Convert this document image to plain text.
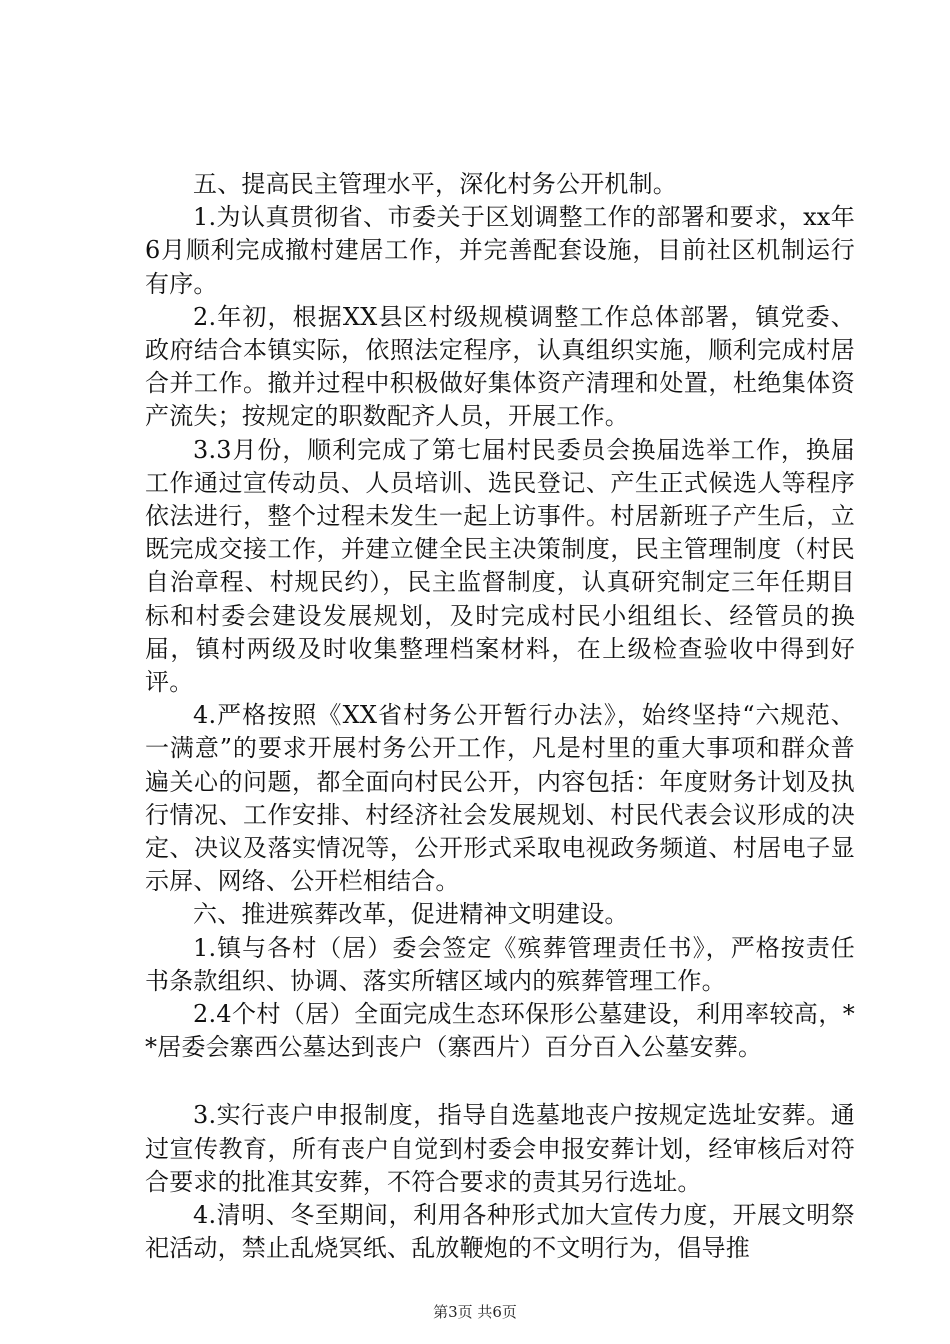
五、提高民主管理水平，深化村务公开机制。

1.为认真贯彻省、市委关于区划调整工作的部署和要求，xx年6月顺利完成撤村建居工作，并完善配套设施，目前社区机制运行有序。

2.年初，根据XX县区村级规模调整工作总体部署，镇党委、政府结合本镇实际，依照法定程序，认真组织实施，顺利完成村居合并工作。撤并过程中积极做好集体资产清理和处置，杜绝集体资产流失；按规定的职数配齐人员，开展工作。

3.3月份，顺利完成了第七届村民委员会换届选举工作，换届工作通过宣传动员、人员培训、选民登记、产生正式候选人等程序依法进行，整个过程未发生一起上访事件。村居新班子产生后，立既完成交接工作，并建立健全民主决策制度，民主管理制度（村民自治章程、村规民约），民主监督制度，认真研究制定三年任期目标和村委会建设发展规划，及时完成村民小组组长、经管员的换届，镇村两级及时收集整理档案材料，在上级检查验收中得到好评。

4.严格按照《XX省村务公开暂行办法》，始终坚持“六规范、一满意”的要求开展村务公开工作，凡是村里的重大事项和群众普遍关心的问题，都全面向村民公开，内容包括：年度财务计划及执行情况、工作安排、村经济社会发展规划、村民代表会议形成的决定、决议及落实情况等，公开形式采取电视政务频道、村居电子显示屏、网络、公开栏相结合。

六、推进殡葬改革，促进精神文明建设。

1.镇与各村（居）委会签定《殡葬管理责任书》，严格按责任书条款组织、协调、落实所辖区域内的殡葬管理工作。

2.4个村（居）全面完成生态环保形公墓建设，利用率较高，**居委会寨西公墓达到丧户（寨西片）百分百入公墓安葬。

3.实行丧户申报制度，指导自选墓地丧户按规定选址安葬。通过宣传教育，所有丧户自觉到村委会申报安葬计划，经审核后对符合要求的批准其安葬，不符合要求的责其另行选址。

4.清明、冬至期间，利用各种形式加大宣传力度，开展文明祭祀活动，禁止乱烧冥纸、乱放鞭炮的不文明行为，倡导推

第3页 共6页
